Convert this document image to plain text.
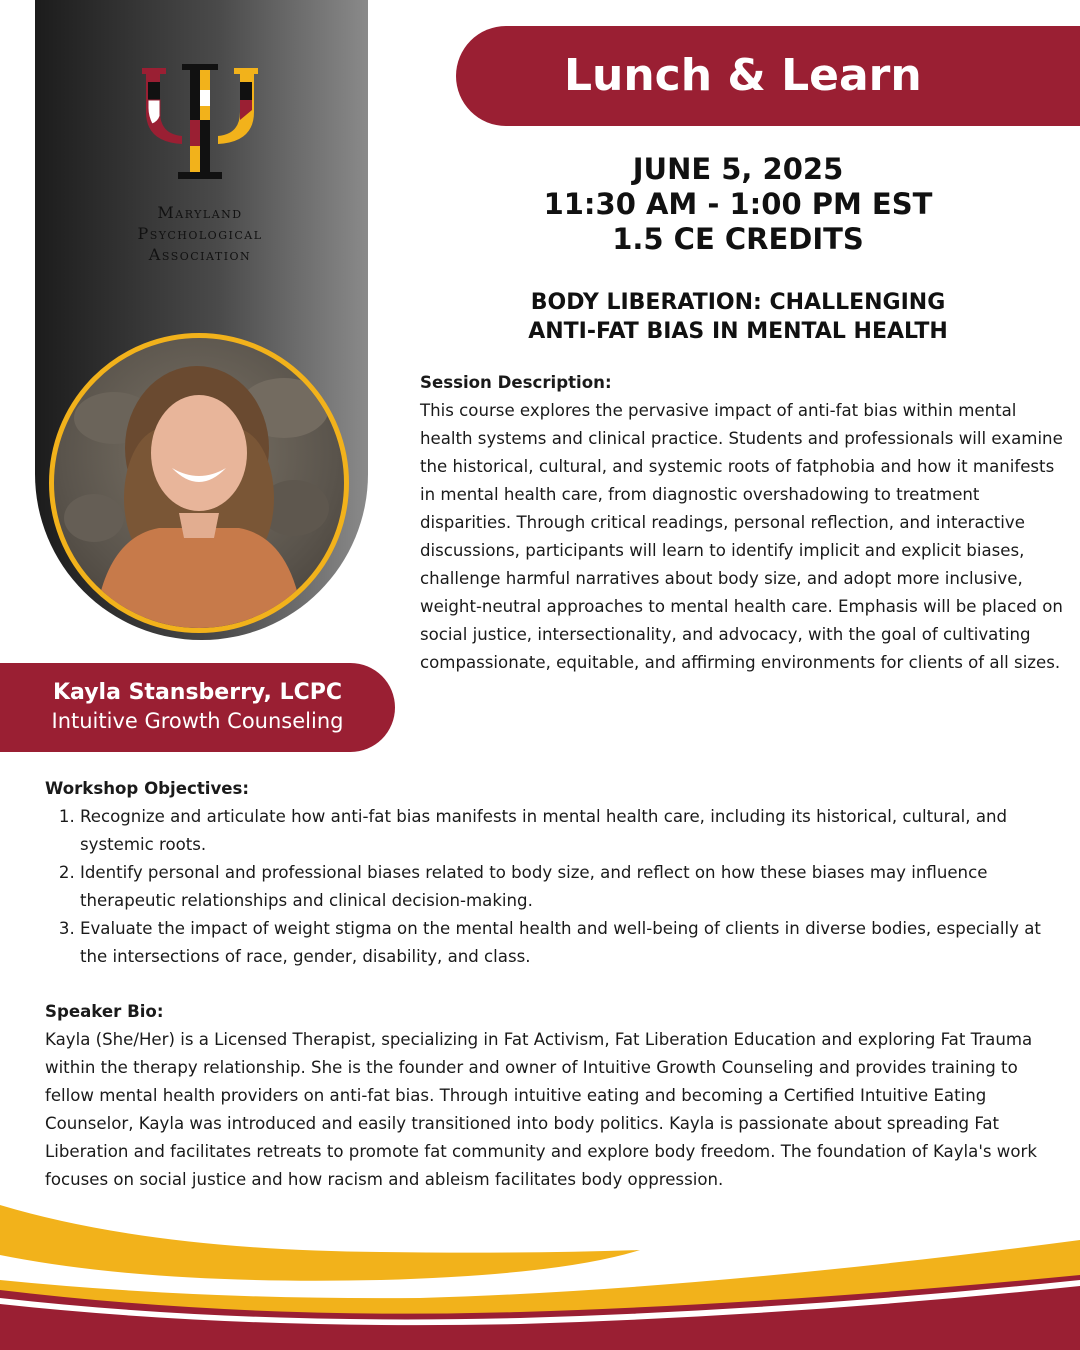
Maryland
Psychological
Association
Kayla Stansberry, LCPC
Intuitive Growth Counseling
Lunch & Learn
JUNE 5, 2025
11:30 AM - 1:00 PM EST
1.5 CE CREDITS
BODY LIBERATION: CHALLENGING
ANTI-FAT BIAS IN MENTAL HEALTH
Session Description:
This course explores the pervasive impact of anti-fat bias within mental health systems and clinical practice. Students and professionals will examine the historical, cultural, and systemic roots of fatphobia and how it manifests in mental health care, from diagnostic overshadowing to treatment disparities. Through critical readings, personal reflection, and interactive discussions, participants will learn to identify implicit and explicit biases, challenge harmful narratives about body size, and adopt more inclusive, weight-neutral approaches to mental health care. Emphasis will be placed on social justice, intersectionality, and advocacy, with the goal of cultivating compassionate, equitable, and affirming environments for clients of all sizes.
Workshop Objectives:
1. Recognize and articulate how anti-fat bias manifests in mental health care, including its historical, cultural, and systemic roots.
2. Identify personal and professional biases related to body size, and reflect on how these biases may influence therapeutic relationships and clinical decision-making.
3. Evaluate the impact of weight stigma on the mental health and well-being of clients in diverse bodies, especially at the intersections of race, gender, disability, and class.
Speaker Bio:
Kayla (She/Her) is a Licensed Therapist, specializing in Fat Activism, Fat Liberation Education and exploring Fat Trauma within the therapy relationship. She is the founder and owner of Intuitive Growth Counseling and provides training to fellow mental health providers on anti-fat bias. Through intuitive eating and becoming a Certified Intuitive Eating Counselor, Kayla was introduced and easily transitioned into body politics. Kayla is passionate about spreading Fat Liberation and facilitates retreats to promote fat community and explore body freedom. The foundation of Kayla's work focuses on social justice and how racism and ableism facilitates body oppression.
